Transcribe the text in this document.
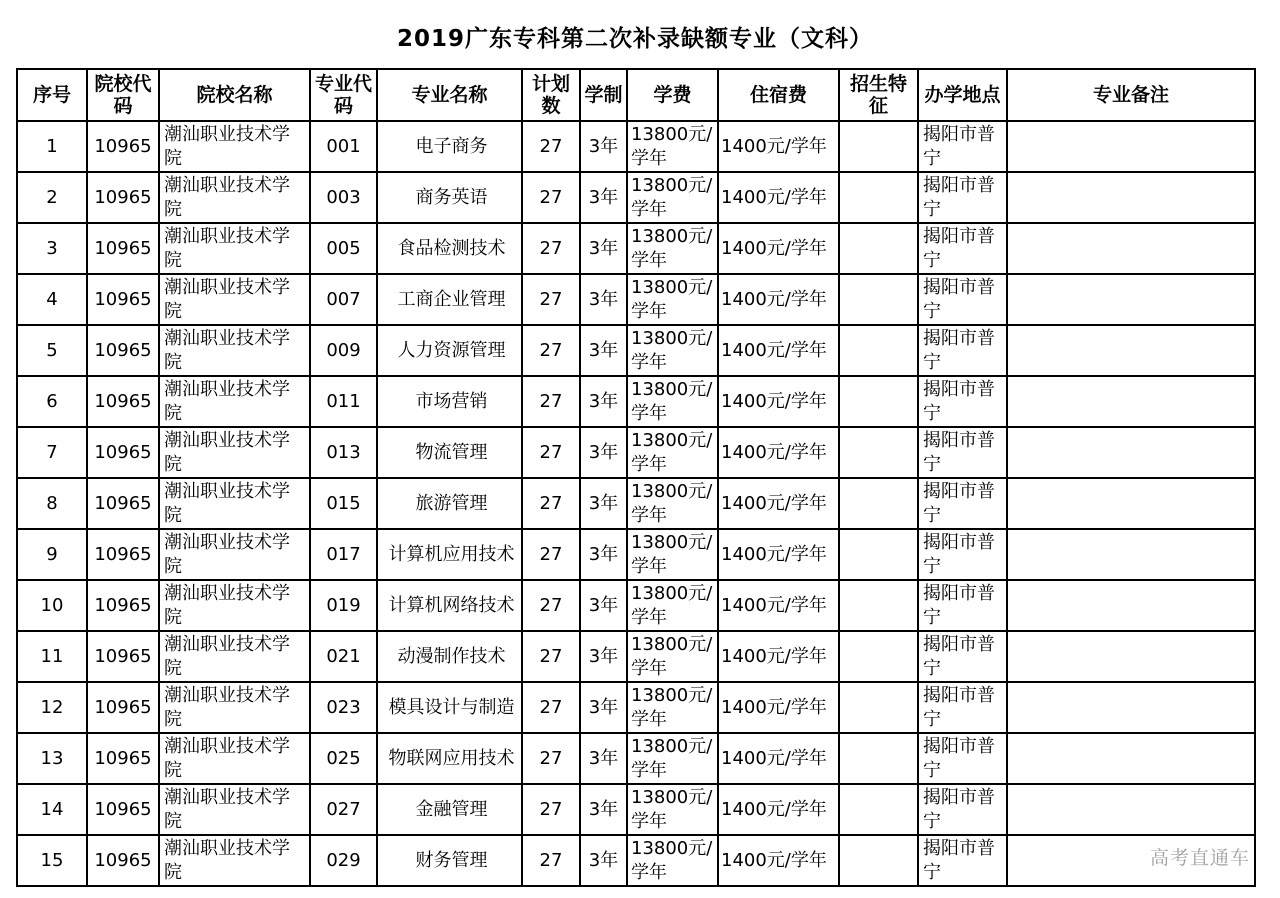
2019广东专科第二次补录缺额专业（文科）
序号	院校代码	院校名称	专业代码	专业名称	计划数	学制	学费	住宿费	招生特征	办学地点	专业备注
1	10965	潮汕职业技术学院	001	电子商务	27	3年	13800元/学年	1400元/学年		揭阳市普宁	
2	10965	潮汕职业技术学院	003	商务英语	27	3年	13800元/学年	1400元/学年		揭阳市普宁	
3	10965	潮汕职业技术学院	005	食品检测技术	27	3年	13800元/学年	1400元/学年		揭阳市普宁	
4	10965	潮汕职业技术学院	007	工商企业管理	27	3年	13800元/学年	1400元/学年		揭阳市普宁	
5	10965	潮汕职业技术学院	009	人力资源管理	27	3年	13800元/学年	1400元/学年		揭阳市普宁	
6	10965	潮汕职业技术学院	011	市场营销	27	3年	13800元/学年	1400元/学年		揭阳市普宁	
7	10965	潮汕职业技术学院	013	物流管理	27	3年	13800元/学年	1400元/学年		揭阳市普宁	
8	10965	潮汕职业技术学院	015	旅游管理	27	3年	13800元/学年	1400元/学年		揭阳市普宁	
9	10965	潮汕职业技术学院	017	计算机应用技术	27	3年	13800元/学年	1400元/学年		揭阳市普宁	
10	10965	潮汕职业技术学院	019	计算机网络技术	27	3年	13800元/学年	1400元/学年		揭阳市普宁	
11	10965	潮汕职业技术学院	021	动漫制作技术	27	3年	13800元/学年	1400元/学年		揭阳市普宁	
12	10965	潮汕职业技术学院	023	模具设计与制造	27	3年	13800元/学年	1400元/学年		揭阳市普宁	
13	10965	潮汕职业技术学院	025	物联网应用技术	27	3年	13800元/学年	1400元/学年		揭阳市普宁	
14	10965	潮汕职业技术学院	027	金融管理	27	3年	13800元/学年	1400元/学年		揭阳市普宁	
15	10965	潮汕职业技术学院	029	财务管理	27	3年	13800元/学年	1400元/学年		揭阳市普宁	
高考直通车
